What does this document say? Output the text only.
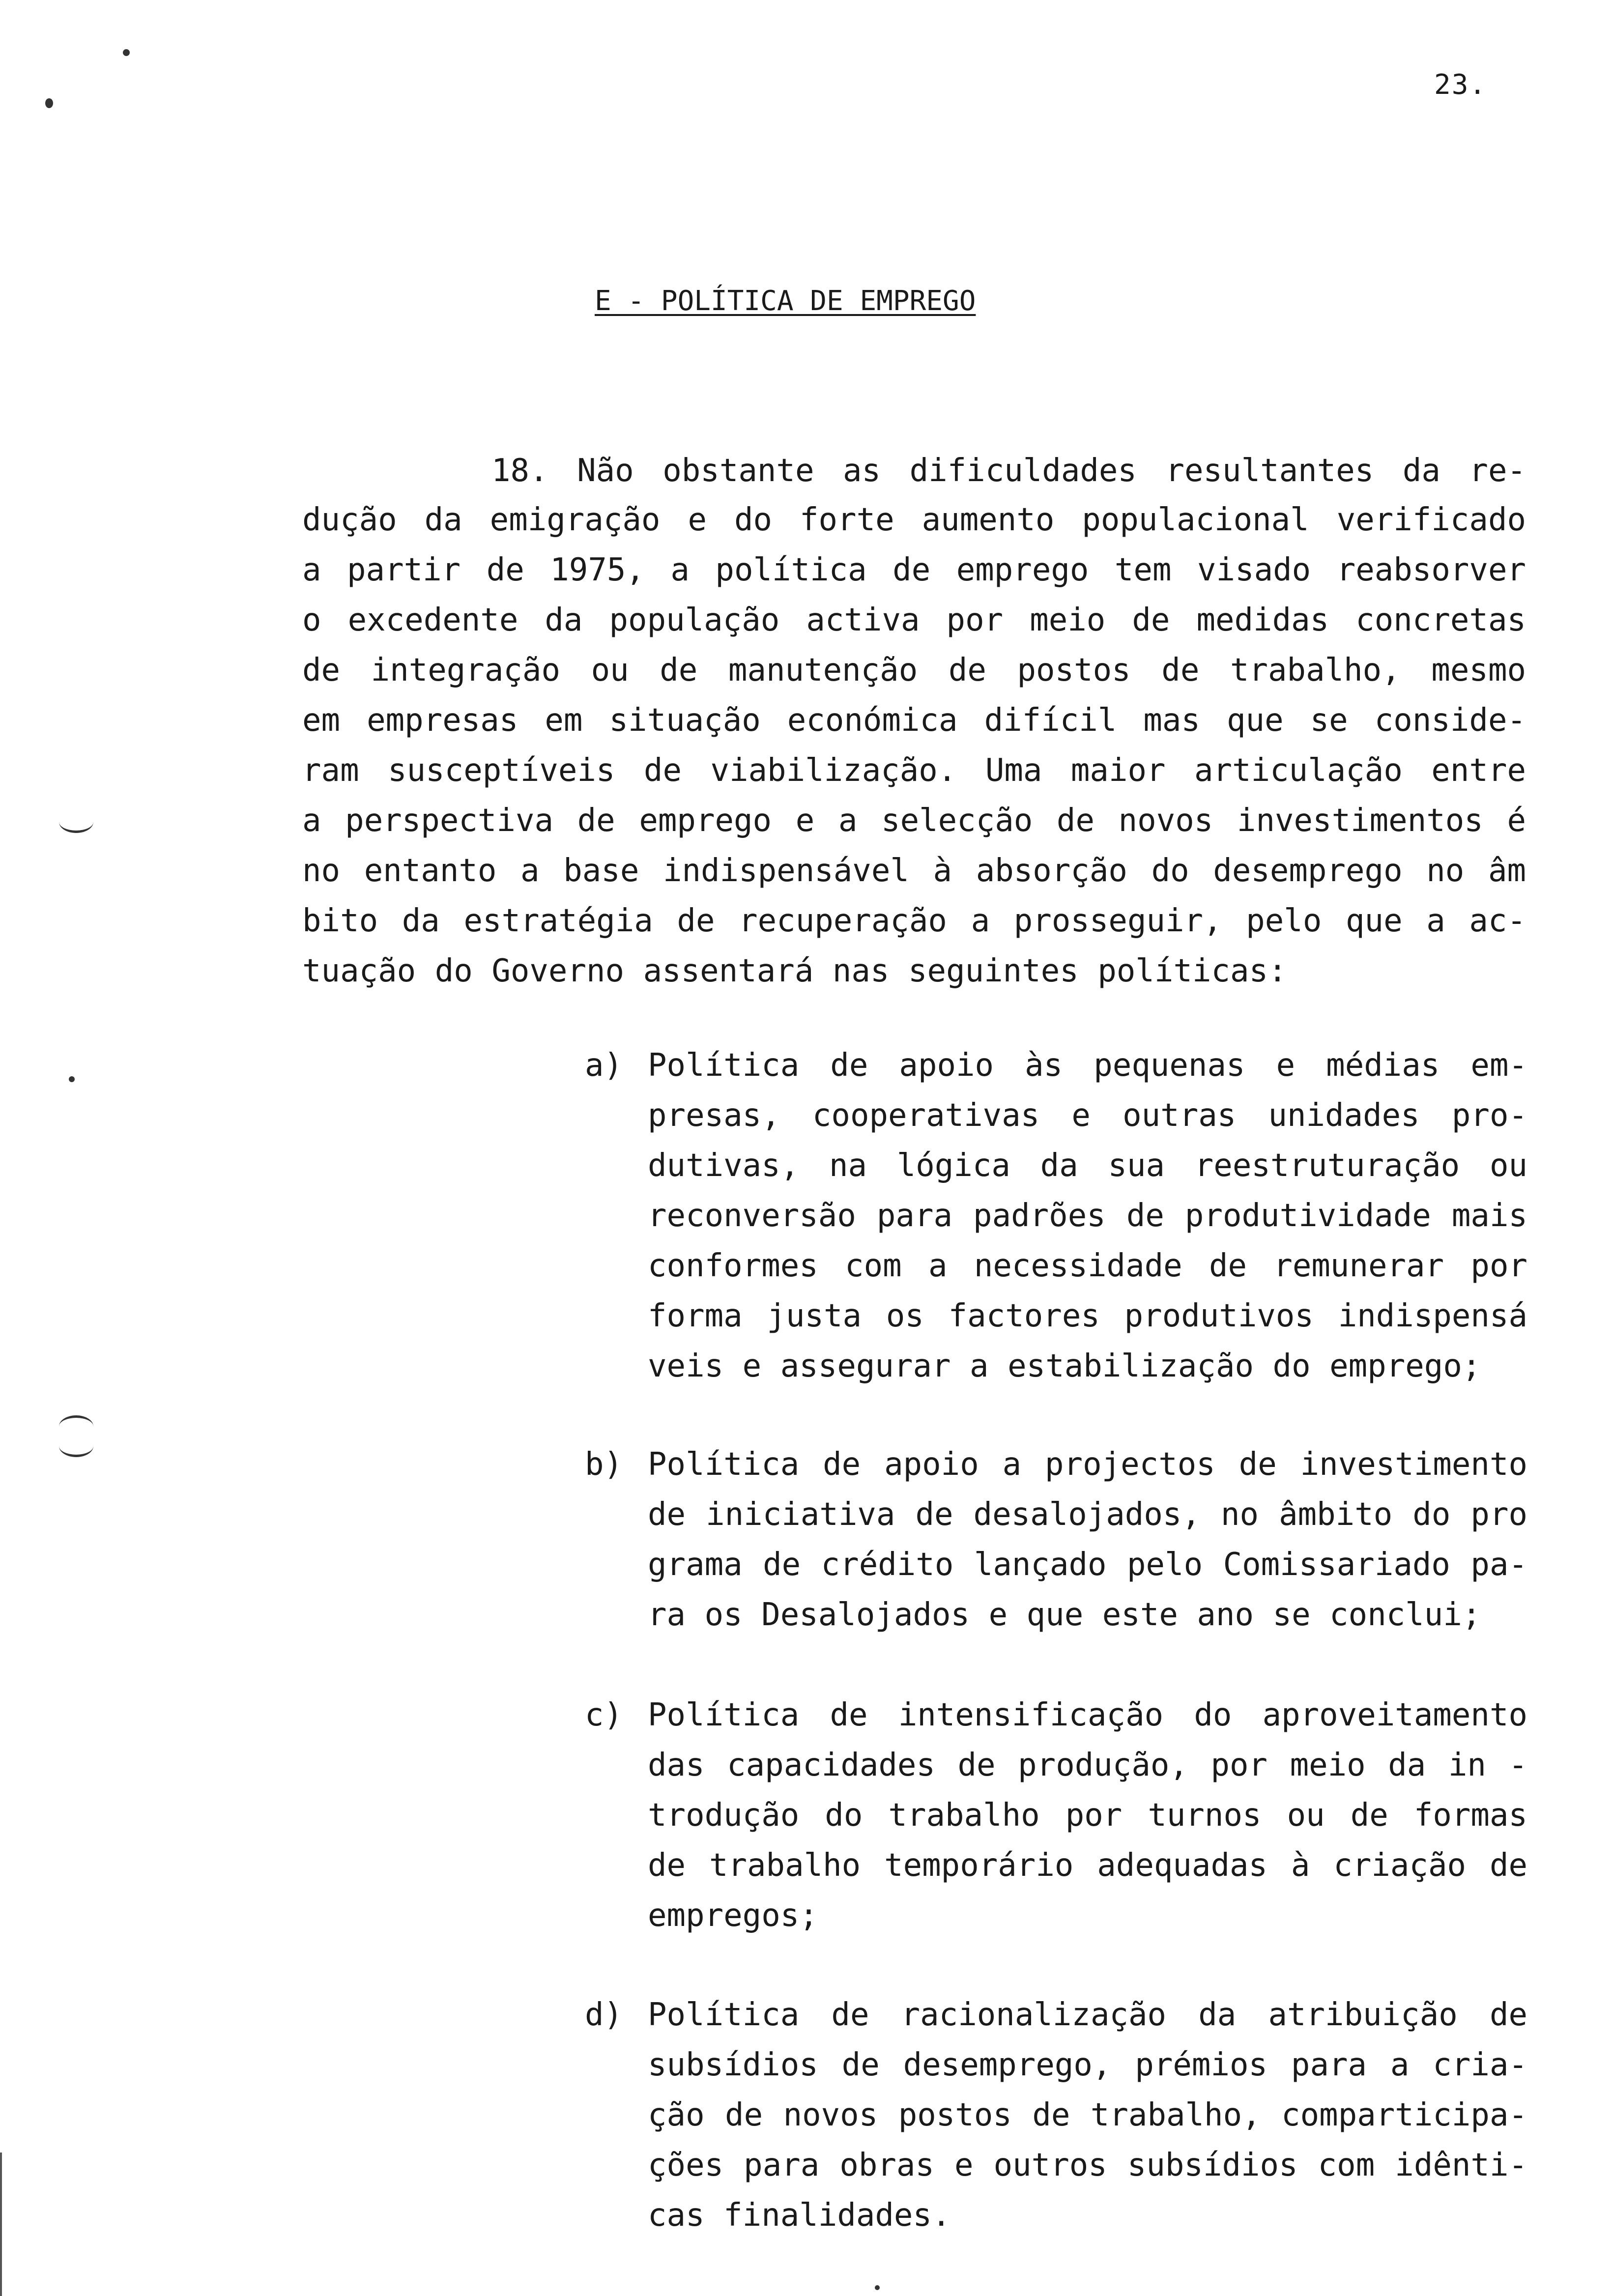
23.
E - POLÍTICA DE EMPREGO
18. Não obstante as dificuldades resultantes da re-
dução da emigração e do forte aumento populacional verificado
a partir de 1975, a política de emprego tem visado reabsorver
o excedente da população activa por meio de medidas concretas
de integração ou de manutenção de postos de trabalho, mesmo
em empresas em situação económica difícil mas que se conside-
ram susceptíveis de viabilização. Uma maior articulação entre
a perspectiva de emprego e a selecção de novos investimentos é
no entanto a base indispensável à absorção do desemprego no âm
bito da estratégia de recuperação a prosseguir, pelo que a ac-
tuação do Governo assentará nas seguintes políticas:
a) Política de apoio às pequenas e médias em-
presas, cooperativas e outras unidades pro-
dutivas, na lógica da sua reestruturação ou
reconversão para padrões de produtividade mais
conformes com a necessidade de remunerar por
forma justa os factores produtivos indispensá
veis e assegurar a estabilização do emprego;
b) Política de apoio a projectos de investimento
de iniciativa de desalojados, no âmbito do pro
grama de crédito lançado pelo Comissariado pa-
ra os Desalojados e que este ano se conclui;
c) Política de intensificação do aproveitamento
das capacidades de produção, por meio da in -
trodução do trabalho por turnos ou de formas
de trabalho temporário adequadas à criação de
empregos;
d) Política de racionalização da atribuição de
subsídios de desemprego, prémios para a cria-
ção de novos postos de trabalho, comparticipa-
ções para obras e outros subsídios com idênti-
cas finalidades.
